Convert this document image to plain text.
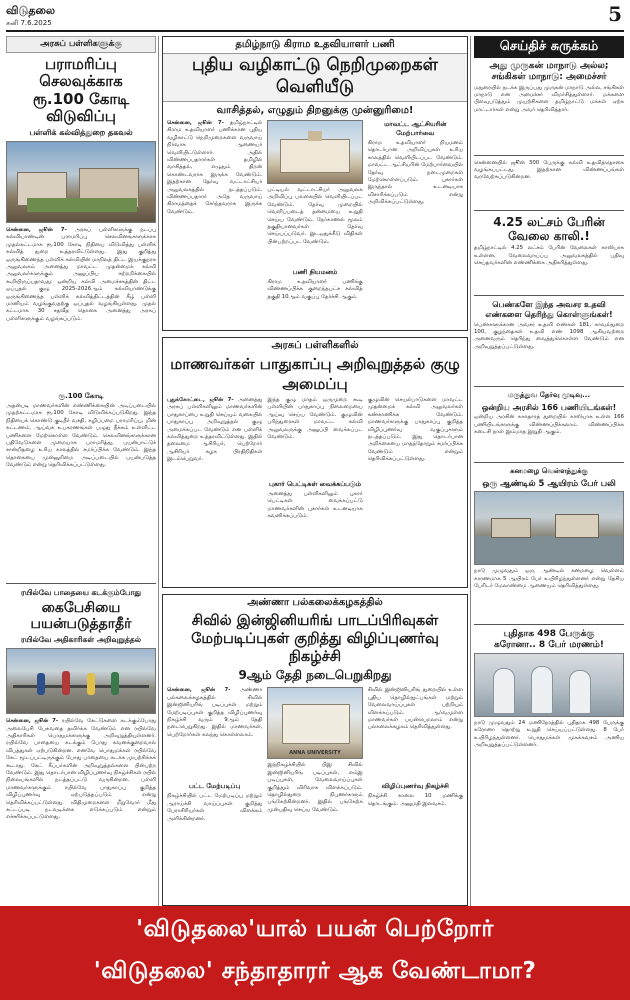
விடுதலை
சனி 7.6.2025	5
அரசுப் பள்ளிகளுக்கு
பராமரிப்பு செலவுக்காக
ரூ.100 கோடி விடுவிப்பு
பள்ளிக் கல்வித்துறை தகவல்
சென்னை, ஜூன் 7- அரசுப் பள்ளிகளுக்கு நடப்பு கல்வியாண்டின் பராமரிப்பு செலவினங்களுக்காக முதல்கட்டமாக ரூ.100 கோடி நிதியை விடுவித்து பள்ளிக் கல்வித் துறை உத்தரவிட்டுள்ளது. இது குறித்து ஒருங்கிணைந்த பள்ளிக் கல்வியின் மாநிலத் திட்ட இயக்குநரக அலுவலகம் அனைத்து மாவட்ட முதன்மைக் கல்வி அலுவலர்களுக்கும் அனுப்பிய சுற்றறிக்கையில் கூறியிருப்பதாவது: ஒன்றிய கல்வி அமைச்சகத்தின் திட்ட ஒப்புதல் குழு 2025-2026ஆம் கல்வியாண்டுக்கு ஒருங்கிணைந்த பள்ளிக் கல்வித்திட்டத்தின் கீழ் பள்ளி மானியம் வழங்குவதற்கு ஒப்புதல் வழங்கியுள்ளது. முதல் கட்டமாக 30 சதவீத தொகை அனைத்து அரசுப் பள்ளிகளுக்கும் வழங்கப்படும்.
ரூ.100 கோடி
அதன்படி மாணவர்களின் எண்ணிக்கையின் அடிப்படையில் முதற்கட்டமாக ரூ.100 கோடி விடுவிக்கப்படுகிறது. இந்த நிதியைக் கொண்டு குடிநீர் வசதி, கழிப்பறை பராமரிப்பு, மின் கட்டணம், ஆய்வக உபகரணங்கள் பழுது நீக்கம் உள்ளிட்ட பணிகளை மேற்கொள்ள வேண்டும். செலவினங்களுக்கான பதிவேடுகளை முறையாக பராமரித்து, பயன்பாட்டுச் சான்றிதழை உரிய காலத்தில் சமர்ப்பிக்க வேண்டும். இந்த தொகையை முன்னுரிமை அடிப்படையில் பயன்படுத்த வேண்டும் என்று தெரிவிக்கப்பட்டுள்ளது.
ரயில்வே பாதையை கடக்கும்போது
கைபேசியை பயன்படுத்தாதீர்
ரயில்வே அதிகாரிகள் அறிவுறுத்தல்
சென்னை, ஜூன் 7- ரயில்வே கேட்டுகளை கடக்கும்போது அலைபேசி பேசுவதை தவிர்க்க வேண்டும் என ரயில்வே அதிகாரிகள் பொதுமக்களுக்கு அறிவுறுத்தியுள்ளனர். ரயில்வே பாதையை கடக்கும் போது கவனக்குறைவால் விபத்துகள் ஏற்படுகின்றன. எனவே பொதுமக்கள் ரயில்வே கேட் மூடப்பட்டிருக்கும் போது பாதையை கடக்க முயற்சிக்கக் கூடாது. கேட் கீப்பர்களின் அறிவுறுத்தல்களை பின்பற்ற வேண்டும். இது தொடர்பான விழிப்புணர்வு நிகழ்ச்சிகள் ரயில் நிலையங்களில் நடத்தப்பட்டு வருகின்றன. பள்ளி மாணவர்களுக்கும் ரயில்வே பாதுகாப்பு குறித்த விழிப்புணர்வு ஏற்படுத்தப்படும் என்று தெரிவிக்கப்பட்டுள்ளது. விதிமுறைகளை மீறுவோர் மீது சட்டப்படி நடவடிக்கை எடுக்கப்படும் என்றும் எச்சரிக்கப்பட்டுள்ளது.
தமிழ்நாடு கிராம உதவியாளர் பணி
புதிய வழிகாட்டு நெறிமுறைகள் வெளியீடு
வாசித்தல், எழுதும் திறனுக்கு முன்னுரிமை!
சென்னை, ஜூன் 7- தமிழ்நாட்டில் கிராம உதவியாளர் பணிக்கான புதிய வழிகாட்டு நெறிமுறைகளை வருவாய் நிர்வாக ஆணையர் வெளியிட்டுள்ளார். அதில் விண்ணப்பதாரர்கள் தமிழில் வாசித்தல், எழுதும் திறன் கொண்டவராக இருக்க வேண்டும். இதற்கான தேர்வு வட்டாட்சியர் அலுவலகத்தில் நடத்தப்படும். விண்ணப்பதாரர் அதே வருவாய் கிராமத்தைச் சேர்ந்தவராக இருக்க வேண்டும்.
பட்டியல் வட்டாட்சியர் அலுவலக அறிவிப்பு பலகையில் வெளியிடப்பட வேண்டும். தேர்வு முறையில் வெளிப்படைத் தன்மையை உறுதி செய்ய வேண்டும். நேர்காணல் மூலம் தகுதியானவர்கள் தேர்வு செய்யப்படுவர். இடஒதுக்கீடு விதிகள் பின்பற்றப்பட வேண்டும்.
பணி நியமனம்
கிராம உதவியாளர் பணிக்கு விண்ணப்பிக்க குறைந்தபட்ச கல்வித் தகுதி 10ஆம் வகுப்பு தேர்ச்சி ஆகும்.
மாவட்ட ஆட்சியரின் மேற்பார்வை
கிராம உதவியாளர் நியமனம் தொடர்பான அறிவிப்புகள் உரிய காலத்தில் வெளியிடப்பட வேண்டும். மாவட்ட ஆட்சியரின் மேற்பார்வையில் தேர்வு நடைமுறைகள் மேற்கொள்ளப்படும். புகார்கள் இருந்தால் உடனடியாக விசாரிக்கப்படும் என்று அறிவிக்கப்பட்டுள்ளது.
அரசுப் பள்ளிகளில்
மாணவர்கள் பாதுகாப்பு அறிவுறுத்தல் குழு அமைப்பு
புதுக்கோட்டை, ஜூன் 7- அனைத்து அரசுப் பள்ளிகளிலும் மாணவர்களின் பாதுகாப்பை உறுதி செய்யும் வகையில் பாதுகாப்பு அறிவுறுத்தல் குழு அமைக்கப்பட வேண்டும் என பள்ளிக் கல்வித்துறை உத்தரவிட்டுள்ளது. இதில் தலைமை ஆசிரியர், பெற்றோர் ஆசிரியர் கழக பிரதிநிதிகள் இடம்பெறுவர்.
இந்த குழு மாதம் ஒருமுறை கூடி பள்ளியின் பாதுகாப்பு நிலைமையை ஆய்வு செய்ய வேண்டும். குழுவின் பரிந்துரைகள் மாவட்ட கல்வி அலுவலருக்கு அனுப்பி வைக்கப்பட வேண்டும்.
புகார் பெட்டிகள் வைக்கப்படும்
அனைத்து பள்ளிகளிலும் புகார் பெட்டிகள் வைக்கப்பட்டு மாணவர்களின் புகார்கள் உடனடியாக கவனிக்கப்படும்.
குழுவின் செயல்பாடுகளை மாவட்ட முதன்மைக் கல்வி அலுவலர்கள் கண்காணிக்க வேண்டும். மாணவர்களுக்கு பாதுகாப்பு குறித்த விழிப்புணர்வு வகுப்புகளும் நடத்தப்படும். இது தொடர்பான அறிக்கையை மாதந்தோறும் சமர்ப்பிக்க வேண்டும் என்றும் தெரிவிக்கப்பட்டுள்ளது.
அண்ணா பல்கலைக்கழகத்தில்
சிவில் இன்ஜினியரிங் பாடப்பிரிவுகள்
மேற்படிப்புகள் குறித்து விழிப்புணர்வு நிகழ்ச்சி
9ஆம் தேதி நடைபெறுகிறது
சென்னை, ஜூன் 7- அண்ணா பல்கலைக்கழகத்தில் சிவில் இன்ஜினியரிங் படிப்புகள் மற்றும் மேற்படிப்புகள் குறித்த விழிப்புணர்வு நிகழ்ச்சி வரும் 9ஆம் தேதி நடைபெறுகிறது. இதில் மாணவர்கள், பெற்றோர்கள் கலந்து கொள்ளலாம்.
பட்ட மேற்படிப்பு
நிகழ்ச்சியில் பட்ட மேற்படிப்பு மற்றும் ஆராய்ச்சி வாய்ப்புகள் குறித்து பேராசிரியர்கள் விளக்கம் அளிக்கின்றனர்.
ANNA UNIVERSITY
இந்நிகழ்ச்சியில் பிஇ சிவில் இன்ஜினியரிங் படிப்புகள், எம்இ படிப்புகள், வேலைவாய்ப்புகள் குறித்தும் விரிவாக விளக்கப்படும். தொழில்துறை நிபுணர்களும் பங்கேற்கின்றனர். இதில் பங்கேற்க முன்பதிவு செய்ய வேண்டும்.
சிவில் இன்ஜினியரிங் துறையில் உள்ள புதிய தொழில்நுட்பங்கள் மற்றும் வேலைவாய்ப்புகள் பற்றியும் விளக்கப்படும். ஆர்வமுள்ள மாணவர்கள் பயன்பெறலாம் என்று பல்கலைக்கழகம் தெரிவித்துள்ளது.
விழிப்புணர்வு நிகழ்ச்சி
நிகழ்ச்சி காலை 10 மணிக்கு தொடங்கும். அனுமதி இலவசம்.
செய்திச் சுருக்கம்
அது முருகன் மாநாடு அல்ல;
சங்கிகள் மாநாடு: அமைச்சர்
மதுரையில் நடக்க இருப்பது முருகன் மாநாடு அல்ல, சங்கிகள் மாநாடு என அமைச்சர் விமர்சித்துள்ளார். மக்களை பிளவுபடுத்தும் முயற்சிகளை தமிழ்நாட்டு மக்கள் ஏற்க மாட்டார்கள் என்று அவர் தெரிவித்தார்.
சென்னையில் ஜூன் 300 பேருக்கு கல்வி உதவித்தொகை வழங்கப்பட்டது. இதற்கான விண்ணப்பங்கள் வரவேற்கப்படுகின்றன.
4.25 லட்சம் பேரின்
வேலை காலி.!
தமிழ்நாட்டில் 4.25 லட்சம் பேரின் வேலைகள் காலியாக உள்ளன. வேலைவாய்ப்பு அலுவலகத்தில் பதிவு செய்தவர்களின் எண்ணிக்கை அதிகரித்துள்ளது.
பெண்களே இந்த அவசர உதவி
எண்களை தெரிந்து கொள்ளுங்கள்!
பெண்களுக்கான அவசர உதவி எண்கள் 181, காவல்துறை 100, குழந்தைகள் உதவி எண் 1098 ஆகியவற்றை அனைவரும் தெரிந்து வைத்துக்கொள்ள வேண்டும் என அறிவுறுத்தப்பட்டுள்ளது.
மருத்துவ தேர்வு முடிவு...
ஒன்றிய அரசில் 166 பணியிடங்கள்!
ஒன்றிய அரசின் சுகாதாரத் துறையில் காலியாக உள்ள 166 பணியிடங்களுக்கு விண்ணப்பிக்கலாம். விண்ணப்பிக்க கடைசி நாள் இம்மாத இறுதி ஆகும்.
கனமழை வெள்ளத்துக்கு
ஒரு ஆண்டில் 5 ஆயிரம் பேர் பலி
நாடு முழுவதும் ஒரு ஆண்டில் கனமழை வெள்ளம் காரணமாக 5 ஆயிரம் பேர் உயிரிழந்துள்ளனர் என்று தேசிய பேரிடர் மேலாண்மை ஆணையம் தெரிவித்துள்ளது.
புதிதாக 498 பேருக்கு
கரோனா.. 8 பேர் மரணம்!
நாடு முழுவதும் 24 மணிநேரத்தில் புதிதாக 498 பேருக்கு கரோனா தொற்று உறுதி செய்யப்பட்டுள்ளது. 8 பேர் உயிரிழந்துள்ளனர். பொதுமக்கள் முகக்கவசம் அணிய அறிவுறுத்தப்பட்டுள்ளனர்.
'விடுதலை'யால் பயன் பெற்றோர்
'விடுதலை' சந்தாதாரர் ஆக வேண்டாமா?
